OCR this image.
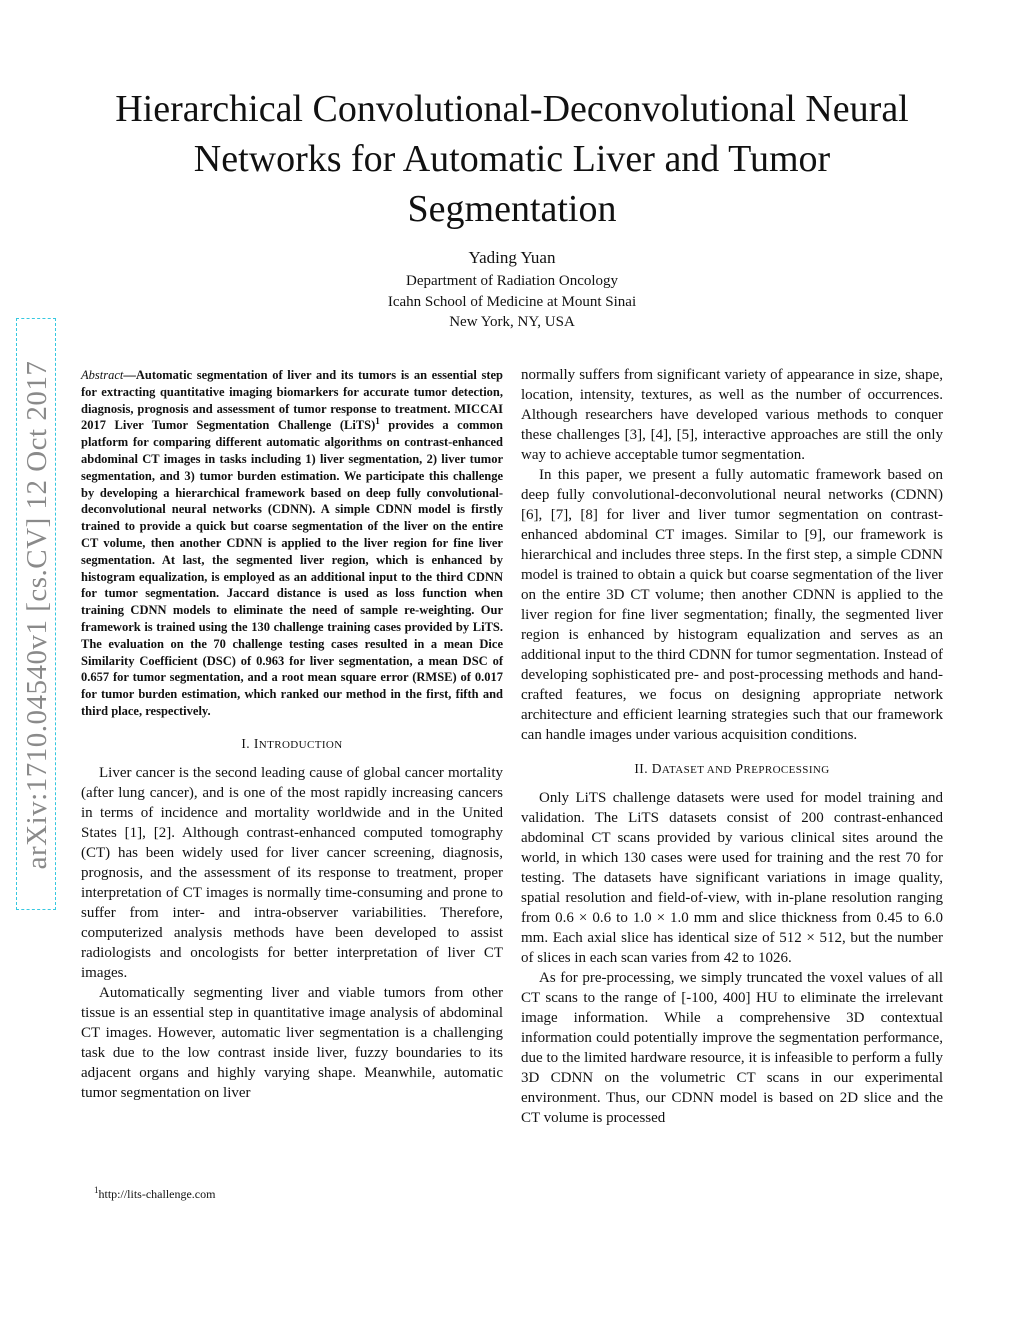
Hierarchical Convolutional-Deconvolutional Neural
Networks for Automatic Liver and Tumor
Segmentation
Yading Yuan
Department of Radiation Oncology
Icahn School of Medicine at Mount Sinai
New York, NY, USA
arXiv:1710.04540v1 [cs.CV] 12 Oct 2017	Abstract—Automatic segmentation of liver and its tumors is an essential step for extracting quantitative imaging biomarkers for accurate tumor detection, diagnosis, prognosis and assessment of tumor response to treatment. MICCAI 2017 Liver Tumor Segmentation Challenge (LiTS)$^1$ provides a common platform for comparing different automatic algorithms on contrast-enhanced abdominal CT images in tasks including 1) liver segmentation, 2) liver tumor segmentation, and 3) tumor burden estimation. We participate this challenge by developing a hierarchical framework based on deep fully convolutional-deconvolutional neural networks (CDNN). A simple CDNN model is firstly trained to provide a quick but coarse segmentation of the liver on the entire CT volume, then another CDNN is applied to the liver region for fine liver segmentation. At last, the segmented liver region, which is enhanced by histogram equalization, is employed as an additional input to the third CDNN for tumor segmentation. Jaccard distance is used as loss function when training CDNN models to eliminate the need of sample re-weighting. Our framework is trained using the 130 challenge training cases provided by LiTS. The evaluation on the 70 challenge testing cases resulted in a mean Dice Similarity Coefficient (DSC) of 0.963 for liver segmentation, a mean DSC of 0.657 for tumor segmentation, and a root mean square error (RMSE) of 0.017 for tumor burden estimation, which ranked our method in the first, fifth and third place, respectively.

I. INTRODUCTION

Liver cancer is the second leading cause of global cancer mortality (after lung cancer), and is one of the most rapidly increasing cancers in terms of incidence and mortality worldwide and in the United States [1], [2]. Although contrast-enhanced computed tomography (CT) has been widely used for liver cancer screening, diagnosis, prognosis, and the assessment of its response to treatment, proper interpretation of CT images is normally time-consuming and prone to suffer from inter- and intra-observer variabilities. Therefore, computerized analysis methods have been developed to assist radiologists and oncologists for better interpretation of liver CT images.

Automatically segmenting liver and viable tumors from other tissue is an essential step in quantitative image analysis of abdominal CT images. However, automatic liver segmentation is a challenging task due to the low contrast inside liver, fuzzy boundaries to its adjacent organs and highly varying shape. Meanwhile, automatic tumor segmentation on liver

normally suffers from significant variety of appearance in size, shape, location, intensity, textures, as well as the number of occurrences. Although researchers have developed various methods to conquer these challenges [3], [4], [5], interactive approaches are still the only way to achieve acceptable tumor segmentation.

In this paper, we present a fully automatic framework based on deep fully convolutional-deconvolutional neural networks (CDNN) [6], [7], [8] for liver and liver tumor segmentation on contrast-enhanced abdominal CT images. Similar to [9], our framework is hierarchical and includes three steps. In the first step, a simple CDNN model is trained to obtain a quick but coarse segmentation of the liver on the entire 3D CT volume; then another CDNN is applied to the liver region for fine liver segmentation; finally, the segmented liver region is enhanced by histogram equalization and serves as an additional input to the third CDNN for tumor segmentation. Instead of developing sophisticated pre- and post-processing methods and hand-crafted features, we focus on designing appropriate network architecture and efficient learning strategies such that our framework can handle images under various acquisition conditions.

II. DATASET AND PREPROCESSING

Only LiTS challenge datasets were used for model training and validation. The LiTS datasets consist of 200 contrast-enhanced abdominal CT scans provided by various clinical sites around the world, in which 130 cases were used for training and the rest 70 for testing. The datasets have significant variations in image quality, spatial resolution and field-of-view, with in-plane resolution ranging from 0.6 × 0.6 to 1.0 × 1.0 mm and slice thickness from 0.45 to 6.0 mm. Each axial slice has identical size of 512 × 512, but the number of slices in each scan varies from 42 to 1026.

As for pre-processing, we simply truncated the voxel values of all CT scans to the range of [-100, 400] HU to eliminate the irrelevant image information. While a comprehensive 3D contextual information could potentially improve the segmentation performance, due to the limited hardware resource, it is infeasible to perform a fully 3D CDNN on the volumetric CT scans in our experimental environment. Thus, our CDNN model is based on 2D slice and the CT volume is processed

$^1$http://lits-challenge.com
